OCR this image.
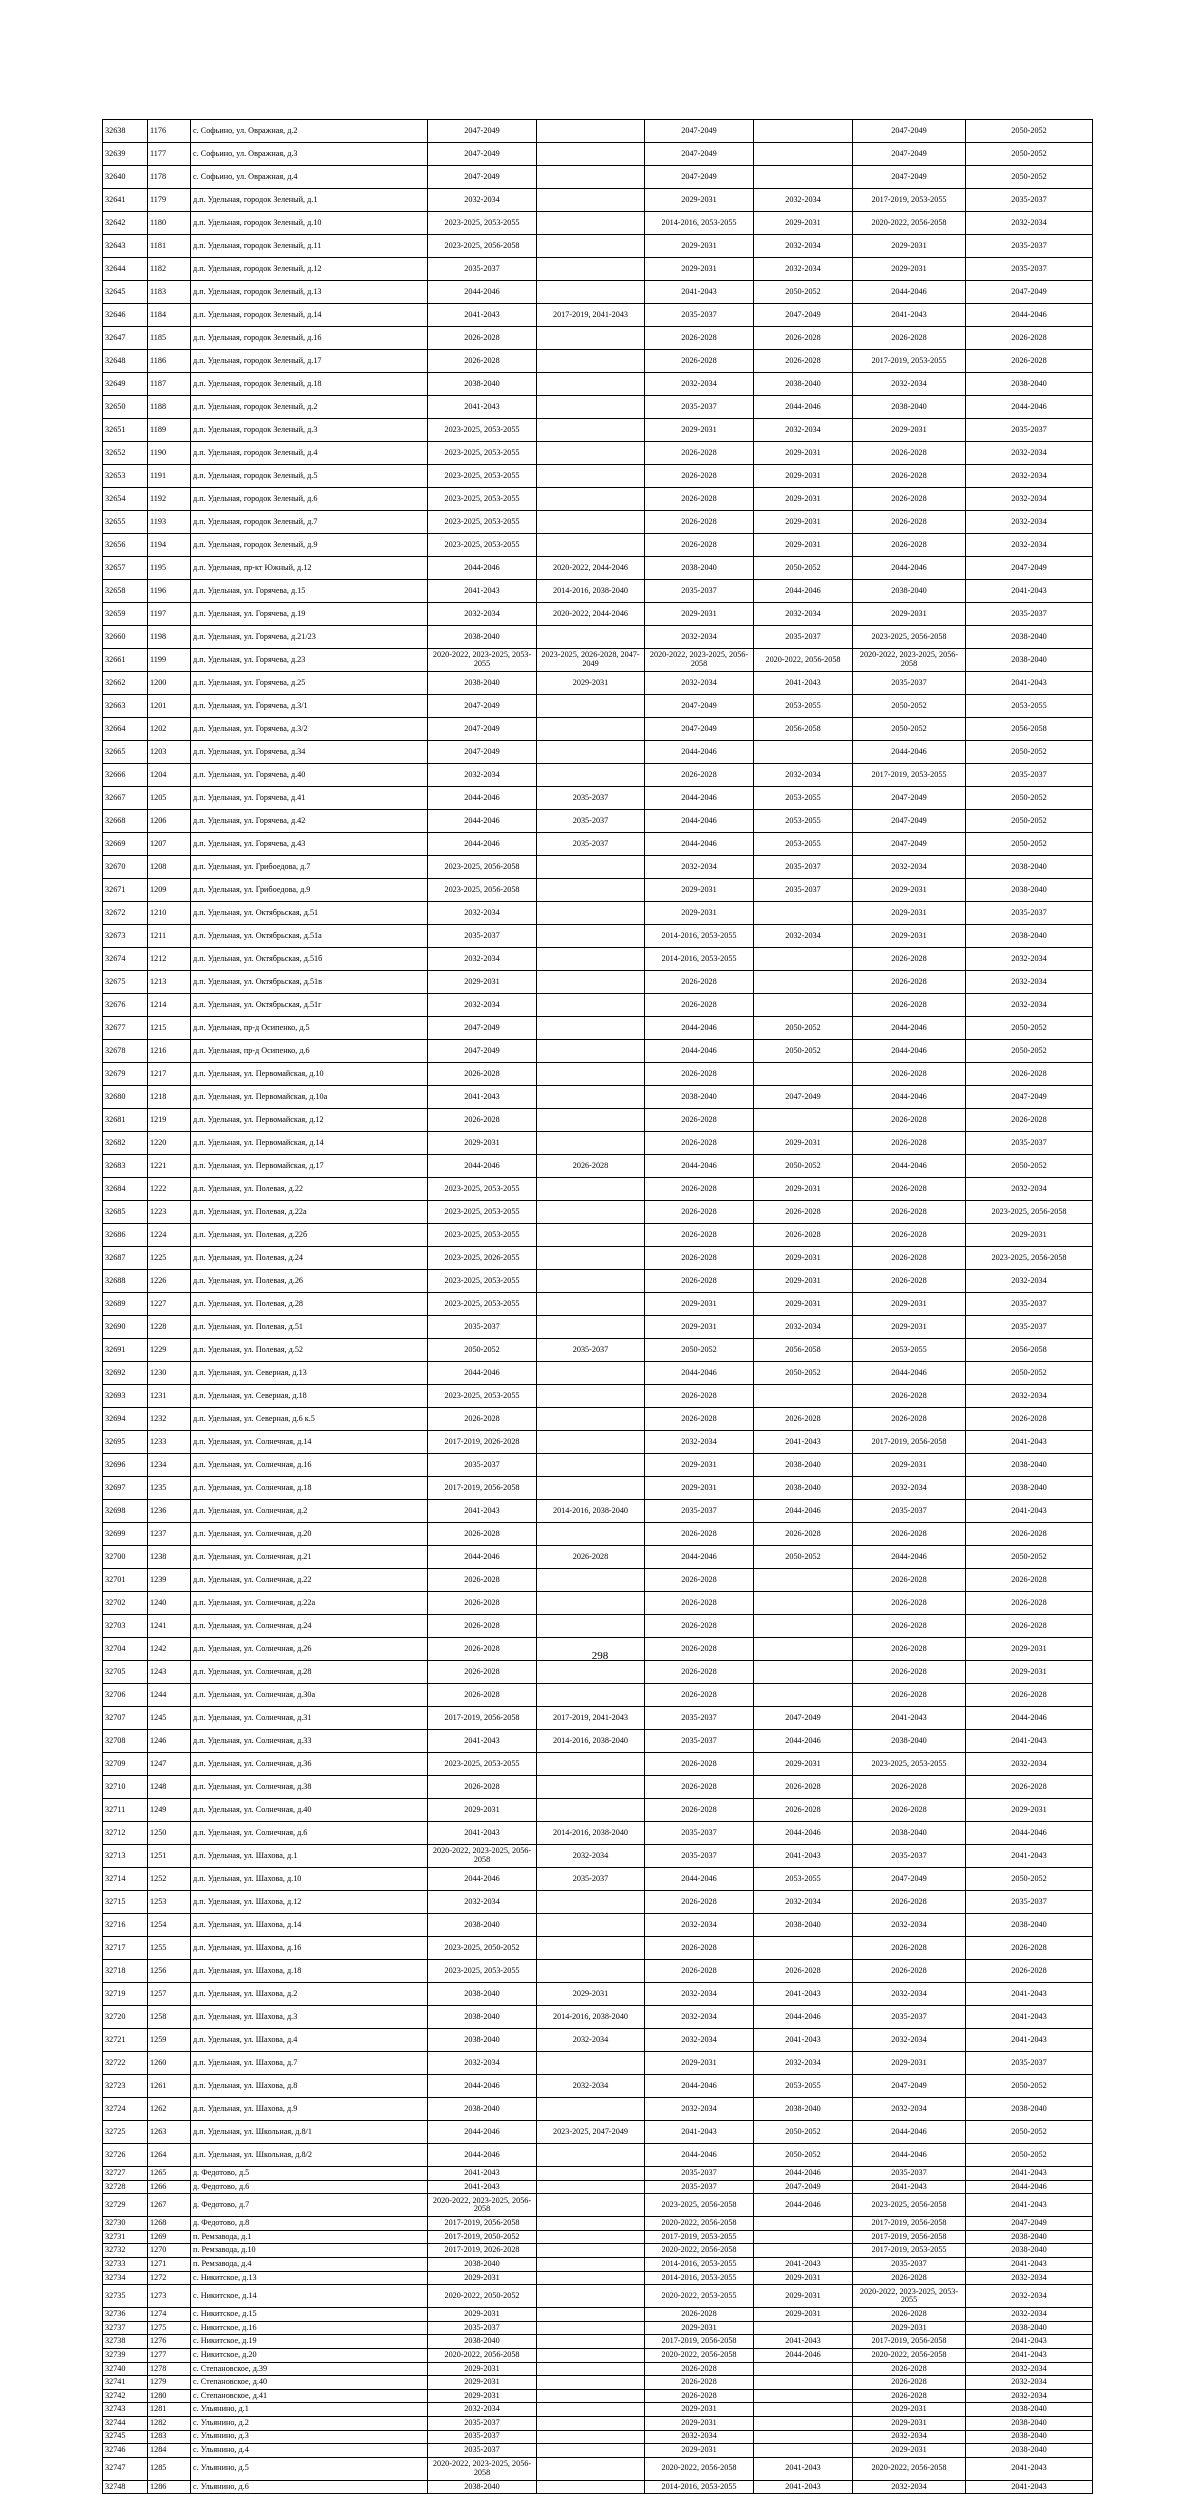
32638	1176	с. Софьино, ул. Овражная, д.2	2047-2049		2047-2049		2047-2049	2050-2052
32639	1177	с. Софьино, ул. Овражная, д.3	2047-2049		2047-2049		2047-2049	2050-2052
32640	1178	с. Софьино, ул. Овражная, д.4	2047-2049		2047-2049		2047-2049	2050-2052
32641	1179	д.п. Удельная, городок Зеленый, д.1	2032-2034		2029-2031	2032-2034	2017-2019, 2053-2055	2035-2037
32642	1180	д.п. Удельная, городок Зеленый, д.10	2023-2025, 2053-2055		2014-2016, 2053-2055	2029-2031	2020-2022, 2056-2058	2032-2034
32643	1181	д.п. Удельная, городок Зеленый, д.11	2023-2025, 2056-2058		2029-2031	2032-2034	2029-2031	2035-2037
32644	1182	д.п. Удельная, городок Зеленый, д.12	2035-2037		2029-2031	2032-2034	2029-2031	2035-2037
32645	1183	д.п. Удельная, городок Зеленый, д.13	2044-2046		2041-2043	2050-2052	2044-2046	2047-2049
32646	1184	д.п. Удельная, городок Зеленый, д.14	2041-2043	2017-2019, 2041-2043	2035-2037	2047-2049	2041-2043	2044-2046
32647	1185	д.п. Удельная, городок Зеленый, д.16	2026-2028		2026-2028	2026-2028	2026-2028	2026-2028
32648	1186	д.п. Удельная, городок Зеленый, д.17	2026-2028		2026-2028	2026-2028	2017-2019, 2053-2055	2026-2028
32649	1187	д.п. Удельная, городок Зеленый, д.18	2038-2040		2032-2034	2038-2040	2032-2034	2038-2040
32650	1188	д.п. Удельная, городок Зеленый, д.2	2041-2043		2035-2037	2044-2046	2038-2040	2044-2046
32651	1189	д.п. Удельная, городок Зеленый, д.3	2023-2025, 2053-2055		2029-2031	2032-2034	2029-2031	2035-2037
32652	1190	д.п. Удельная, городок Зеленый, д.4	2023-2025, 2053-2055		2026-2028	2029-2031	2026-2028	2032-2034
32653	1191	д.п. Удельная, городок Зеленый, д.5	2023-2025, 2053-2055		2026-2028	2029-2031	2026-2028	2032-2034
32654	1192	д.п. Удельная, городок Зеленый, д.6	2023-2025, 2053-2055		2026-2028	2029-2031	2026-2028	2032-2034
32655	1193	д.п. Удельная, городок Зеленый, д.7	2023-2025, 2053-2055		2026-2028	2029-2031	2026-2028	2032-2034
32656	1194	д.п. Удельная, городок Зеленый, д.9	2023-2025, 2053-2055		2026-2028	2029-2031	2026-2028	2032-2034
32657	1195	д.п. Удельная, пр-кт Южный, д.12	2044-2046	2020-2022, 2044-2046	2038-2040	2050-2052	2044-2046	2047-2049
32658	1196	д.п. Удельная, ул. Горячева, д.15	2041-2043	2014-2016, 2038-2040	2035-2037	2044-2046	2038-2040	2041-2043
32659	1197	д.п. Удельная, ул. Горячева, д.19	2032-2034	2020-2022, 2044-2046	2029-2031	2032-2034	2029-2031	2035-2037
32660	1198	д.п. Удельная, ул. Горячева, д.21/23	2038-2040		2032-2034	2035-2037	2023-2025, 2056-2058	2038-2040
32661	1199	д.п. Удельная, ул. Горячева, д.23	2020-2022, 2023-2025, 2053-2055	2023-2025, 2026-2028, 2047-2049	2020-2022, 2023-2025, 2056-2058	2020-2022, 2056-2058	2020-2022, 2023-2025, 2056-2058	2038-2040
32662	1200	д.п. Удельная, ул. Горячева, д.25	2038-2040	2029-2031	2032-2034	2041-2043	2035-2037	2041-2043
32663	1201	д.п. Удельная, ул. Горячева, д.3/1	2047-2049		2047-2049	2053-2055	2050-2052	2053-2055
32664	1202	д.п. Удельная, ул. Горячева, д.3/2	2047-2049		2047-2049	2056-2058	2050-2052	2056-2058
32665	1203	д.п. Удельная, ул. Горячева, д.34	2047-2049		2044-2046		2044-2046	2050-2052
32666	1204	д.п. Удельная, ул. Горячева, д.40	2032-2034		2026-2028	2032-2034	2017-2019, 2053-2055	2035-2037
32667	1205	д.п. Удельная, ул. Горячева, д.41	2044-2046	2035-2037	2044-2046	2053-2055	2047-2049	2050-2052
32668	1206	д.п. Удельная, ул. Горячева, д.42	2044-2046	2035-2037	2044-2046	2053-2055	2047-2049	2050-2052
32669	1207	д.п. Удельная, ул. Горячева, д.43	2044-2046	2035-2037	2044-2046	2053-2055	2047-2049	2050-2052
32670	1208	д.п. Удельная, ул. Грибоедова, д.7	2023-2025, 2056-2058		2032-2034	2035-2037	2032-2034	2038-2040
32671	1209	д.п. Удельная, ул. Грибоедова, д.9	2023-2025, 2056-2058		2029-2031	2035-2037	2029-2031	2038-2040
32672	1210	д.п. Удельная, ул. Октябрьская, д.51	2032-2034		2029-2031		2029-2031	2035-2037
32673	1211	д.п. Удельная, ул. Октябрьская, д.51а	2035-2037		2014-2016, 2053-2055	2032-2034	2029-2031	2038-2040
32674	1212	д.п. Удельная, ул. Октябрьская, д.51б	2032-2034		2014-2016, 2053-2055		2026-2028	2032-2034
32675	1213	д.п. Удельная, ул. Октябрьская, д.51в	2029-2031		2026-2028		2026-2028	2032-2034
32676	1214	д.п. Удельная, ул. Октябрьская, д.51г	2032-2034		2026-2028		2026-2028	2032-2034
32677	1215	д.п. Удельная, пр-д Осипенко, д.5	2047-2049		2044-2046	2050-2052	2044-2046	2050-2052
32678	1216	д.п. Удельная, пр-д Осипенко, д.6	2047-2049		2044-2046	2050-2052	2044-2046	2050-2052
32679	1217	д.п. Удельная, ул. Первомайская, д.10	2026-2028		2026-2028		2026-2028	2026-2028
32680	1218	д.п. Удельная, ул. Первомайская, д.10а	2041-2043		2038-2040	2047-2049	2044-2046	2047-2049
32681	1219	д.п. Удельная, ул. Первомайская, д.12	2026-2028		2026-2028		2026-2028	2026-2028
32682	1220	д.п. Удельная, ул. Первомайская, д.14	2029-2031		2026-2028	2029-2031	2026-2028	2035-2037
32683	1221	д.п. Удельная, ул. Первомайская, д.17	2044-2046	2026-2028	2044-2046	2050-2052	2044-2046	2050-2052
32684	1222	д.п. Удельная, ул. Полевая, д.22	2023-2025, 2053-2055		2026-2028	2029-2031	2026-2028	2032-2034
32685	1223	д.п. Удельная, ул. Полевая, д.22а	2023-2025, 2053-2055		2026-2028	2026-2028	2026-2028	2023-2025, 2056-2058
32686	1224	д.п. Удельная, ул. Полевая, д.22б	2023-2025, 2053-2055		2026-2028	2026-2028	2026-2028	2029-2031
32687	1225	д.п. Удельная, ул. Полевая, д.24	2023-2025, 2026-2055		2026-2028	2029-2031	2026-2028	2023-2025, 2056-2058
32688	1226	д.п. Удельная, ул. Полевая, д.26	2023-2025, 2053-2055		2026-2028	2029-2031	2026-2028	2032-2034
32689	1227	д.п. Удельная, ул. Полевая, д.28	2023-2025, 2053-2055		2029-2031	2029-2031	2029-2031	2035-2037
32690	1228	д.п. Удельная, ул. Полевая, д.51	2035-2037		2029-2031	2032-2034	2029-2031	2035-2037
32691	1229	д.п. Удельная, ул. Полевая, д.52	2050-2052	2035-2037	2050-2052	2056-2058	2053-2055	2056-2058
32692	1230	д.п. Удельная, ул. Северная, д.13	2044-2046		2044-2046	2050-2052	2044-2046	2050-2052
32693	1231	д.п. Удельная, ул. Северная, д.18	2023-2025, 2053-2055		2026-2028		2026-2028	2032-2034
32694	1232	д.п. Удельная, ул. Северная, д.6 к.5	2026-2028		2026-2028	2026-2028	2026-2028	2026-2028
32695	1233	д.п. Удельная, ул. Солнечная, д.14	2017-2019, 2026-2028		2032-2034	2041-2043	2017-2019, 2056-2058	2041-2043
32696	1234	д.п. Удельная, ул. Солнечная, д.16	2035-2037		2029-2031	2038-2040	2029-2031	2038-2040
32697	1235	д.п. Удельная, ул. Солнечная, д.18	2017-2019, 2056-2058		2029-2031	2038-2040	2032-2034	2038-2040
32698	1236	д.п. Удельная, ул. Солнечная, д.2	2041-2043	2014-2016, 2038-2040	2035-2037	2044-2046	2035-2037	2041-2043
32699	1237	д.п. Удельная, ул. Солнечная, д.20	2026-2028		2026-2028	2026-2028	2026-2028	2026-2028
32700	1238	д.п. Удельная, ул. Солнечная, д.21	2044-2046	2026-2028	2044-2046	2050-2052	2044-2046	2050-2052
32701	1239	д.п. Удельная, ул. Солнечная, д.22	2026-2028		2026-2028		2026-2028	2026-2028
32702	1240	д.п. Удельная, ул. Солнечная, д.22а	2026-2028		2026-2028		2026-2028	2026-2028
32703	1241	д.п. Удельная, ул. Солнечная, д.24	2026-2028		2026-2028		2026-2028	2026-2028
32704	1242	д.п. Удельная, ул. Солнечная, д.26	2026-2028		2026-2028		2026-2028	2029-2031
32705	1243	д.п. Удельная, ул. Солнечная, д.28	2026-2028		2026-2028		2026-2028	2029-2031
32706	1244	д.п. Удельная, ул. Солнечная, д.30а	2026-2028		2026-2028		2026-2028	2026-2028
32707	1245	д.п. Удельная, ул. Солнечная, д.31	2017-2019, 2056-2058	2017-2019, 2041-2043	2035-2037	2047-2049	2041-2043	2044-2046
32708	1246	д.п. Удельная, ул. Солнечная, д.33	2041-2043	2014-2016, 2038-2040	2035-2037	2044-2046	2038-2040	2041-2043
32709	1247	д.п. Удельная, ул. Солнечная, д.36	2023-2025, 2053-2055		2026-2028	2029-2031	2023-2025, 2053-2055	2032-2034
32710	1248	д.п. Удельная, ул. Солнечная, д.38	2026-2028		2026-2028	2026-2028	2026-2028	2026-2028
32711	1249	д.п. Удельная, ул. Солнечная, д.40	2029-2031		2026-2028	2026-2028	2026-2028	2029-2031
32712	1250	д.п. Удельная, ул. Солнечная, д.6	2041-2043	2014-2016, 2038-2040	2035-2037	2044-2046	2038-2040	2044-2046
32713	1251	д.п. Удельная, ул. Шахова, д.1	2020-2022, 2023-2025, 2056-2058	2032-2034	2035-2037	2041-2043	2035-2037	2041-2043
32714	1252	д.п. Удельная, ул. Шахова, д.10	2044-2046	2035-2037	2044-2046	2053-2055	2047-2049	2050-2052
32715	1253	д.п. Удельная, ул. Шахова, д.12	2032-2034		2026-2028	2032-2034	2026-2028	2035-2037
32716	1254	д.п. Удельная, ул. Шахова, д.14	2038-2040		2032-2034	2038-2040	2032-2034	2038-2040
32717	1255	д.п. Удельная, ул. Шахова, д.16	2023-2025, 2050-2052		2026-2028		2026-2028	2026-2028
32718	1256	д.п. Удельная, ул. Шахова, д.18	2023-2025, 2053-2055		2026-2028	2026-2028	2026-2028	2026-2028
32719	1257	д.п. Удельная, ул. Шахова, д.2	2038-2040	2029-2031	2032-2034	2041-2043	2032-2034	2041-2043
32720	1258	д.п. Удельная, ул. Шахова, д.3	2038-2040	2014-2016, 2038-2040	2032-2034	2044-2046	2035-2037	2041-2043
32721	1259	д.п. Удельная, ул. Шахова, д.4	2038-2040	2032-2034	2032-2034	2041-2043	2032-2034	2041-2043
32722	1260	д.п. Удельная, ул. Шахова, д.7	2032-2034		2029-2031	2032-2034	2029-2031	2035-2037
32723	1261	д.п. Удельная, ул. Шахова, д.8	2044-2046	2032-2034	2044-2046	2053-2055	2047-2049	2050-2052
32724	1262	д.п. Удельная, ул. Шахова, д.9	2038-2040		2032-2034	2038-2040	2032-2034	2038-2040
32725	1263	д.п. Удельная, ул. Школьная, д.8/1	2044-2046	2023-2025, 2047-2049	2041-2043	2050-2052	2044-2046	2050-2052
32726	1264	д.п. Удельная, ул. Школьная, д.8/2	2044-2046		2044-2046	2050-2052	2044-2046	2050-2052
32727	1265	д. Федотово, д.5	2041-2043		2035-2037	2044-2046	2035-2037	2041-2043
32728	1266	д. Федотово, д.6	2041-2043		2035-2037	2047-2049	2041-2043	2044-2046
32729	1267	д. Федотово, д.7	2020-2022, 2023-2025, 2056-2058		2023-2025, 2056-2058	2044-2046	2023-2025, 2056-2058	2041-2043
32730	1268	д. Федотово, д.8	2017-2019, 2056-2058		2020-2022, 2056-2058		2017-2019, 2056-2058	2047-2049
32731	1269	п. Ремзавода, д.1	2017-2019, 2050-2052		2017-2019, 2053-2055		2017-2019, 2056-2058	2038-2040
32732	1270	п. Ремзавода, д.10	2017-2019, 2026-2028		2020-2022, 2056-2058		2017-2019, 2053-2055	2038-2040
32733	1271	п. Ремзавода, д.4	2038-2040		2014-2016, 2053-2055	2041-2043	2035-2037	2041-2043
32734	1272	с. Никитское, д.13	2029-2031		2014-2016, 2053-2055	2029-2031	2026-2028	2032-2034
32735	1273	с. Никитское, д.14	2020-2022, 2050-2052		2020-2022, 2053-2055	2029-2031	2020-2022, 2023-2025, 2053-2055	2032-2034
32736	1274	с. Никитское, д.15	2029-2031		2026-2028	2029-2031	2026-2028	2032-2034
32737	1275	с. Никитское, д.16	2035-2037		2029-2031		2029-2031	2038-2040
32738	1276	с. Никитское, д.19	2038-2040		2017-2019, 2056-2058	2041-2043	2017-2019, 2056-2058	2041-2043
32739	1277	с. Никитское, д.20	2020-2022, 2056-2058		2020-2022, 2056-2058	2044-2046	2020-2022, 2056-2058	2041-2043
32740	1278	с. Степановское, д.39	2029-2031		2026-2028		2026-2028	2032-2034
32741	1279	с. Степановское, д.40	2029-2031		2026-2028		2026-2028	2032-2034
32742	1280	с. Степановское, д.41	2029-2031		2026-2028		2026-2028	2032-2034
32743	1281	с. Ульянино, д.1	2032-2034		2029-2031		2029-2031	2038-2040
32744	1282	с. Ульянино, д.2	2035-2037		2029-2031		2029-2031	2038-2040
32745	1283	с. Ульянино, д.3	2035-2037		2032-2034		2032-2034	2038-2040
32746	1284	с. Ульянино, д.4	2035-2037		2029-2031		2029-2031	2038-2040
32747	1285	с. Ульянино, д.5	2020-2022, 2023-2025, 2056-2058		2020-2022, 2056-2058	2041-2043	2020-2022, 2056-2058	2041-2043
32748	1286	с. Ульянино, д.6	2038-2040		2014-2016, 2053-2055	2041-2043	2032-2034	2041-2043
298
